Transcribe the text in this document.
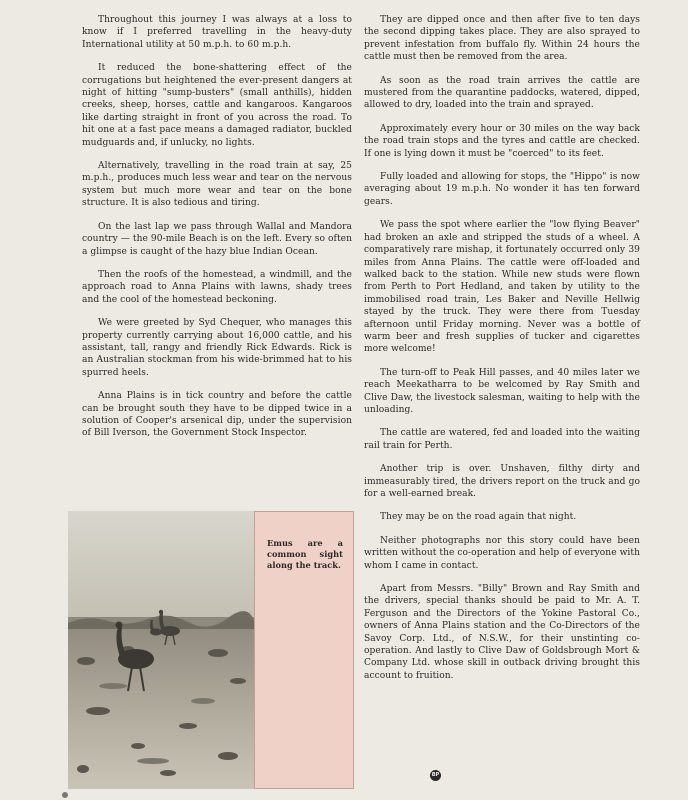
Throughout this journey I was always at a loss to know if I preferred travelling in the heavy-duty International utility at 50 m.p.h. to 60 m.p.h.

It reduced the bone-shattering effect of the corrugations but heightened the ever-present dangers at night of hitting "sump-busters" (small anthills), hidden creeks, sheep, horses, cattle and kangaroos. Kangaroos like darting straight in front of you across the road. To hit one at a fast pace means a damaged radiator, buckled mudguards and, if unlucky, no lights.

Alternatively, travelling in the road train at say, 25 m.p.h., produces much less wear and tear on the nervous system but much more wear and tear on the bone structure. It is also tedious and tiring.

On the last lap we pass through Wallal and Mandora country — the 90-mile Beach is on the left. Every so often a glimpse is caught of the hazy blue Indian Ocean.

Then the roofs of the homestead, a windmill, and the approach road to Anna Plains with lawns, shady trees and the cool of the homestead beckoning.

We were greeted by Syd Chequer, who manages this property currently carrying about 16,000 cattle, and his assistant, tall, rangy and friendly Rick Edwards. Rick is an Australian stockman from his wide-brimmed hat to his spurred heels.

Anna Plains is in tick country and before the cattle can be brought south they have to be dipped twice in a solution of Cooper's arsenical dip, under the supervision of Bill Iverson, the Government Stock Inspector.

They are dipped once and then after five to ten days the second dipping takes place. They are also sprayed to prevent infestation from buffalo fly. Within 24 hours the cattle must then be removed from the area.

As soon as the road train arrives the cattle are mustered from the quarantine paddocks, watered, dipped, allowed to dry, loaded into the train and sprayed.

Approximately every hour or 30 miles on the way back the road train stops and the tyres and cattle are checked. If one is lying down it must be "coerced" to its feet.

Fully loaded and allowing for stops, the "Hippo" is now averaging about 19 m.p.h. No wonder it has ten forward gears.

We pass the spot where earlier the "low flying Beaver" had broken an axle and stripped the studs of a wheel. A comparatively rare mishap, it fortunately occurred only 39 miles from Anna Plains. The cattle were off-loaded and walked back to the station. While new studs were flown from Perth to Port Hedland, and taken by utility to the immobilised road train, Les Baker and Neville Hellwig stayed by the truck. They were there from Tuesday afternoon until Friday morning. Never was a bottle of warm beer and fresh supplies of tucker and cigarettes more welcome!

The turn-off to Peak Hill passes, and 40 miles later we reach Meekatharra to be welcomed by Ray Smith and Clive Daw, the livestock salesman, waiting to help with the unloading.

The cattle are watered, fed and loaded into the waiting rail train for Perth.

Another trip is over. Unshaven, filthy dirty and immeasurably tired, the drivers report on the truck and go for a well-earned break.

They may be on the road again that night.

Neither photographs nor this story could have been written without the co-operation and help of everyone with whom I came in contact.

Apart from Messrs. "Billy" Brown and Ray Smith and the drivers, special thanks should be paid to Mr. A. T. Ferguson and the Directors of the Yokine Pastoral Co., owners of Anna Plains station and the Co-Directors of the Savoy Corp. Ltd., of N.S.W., for their unstinting co-operation. And lastly to Clive Daw of Goldsbrough Mort & Company Ltd. whose skill in outback driving brought this account to fruition.

Emus are a common sight along the track.

BP
